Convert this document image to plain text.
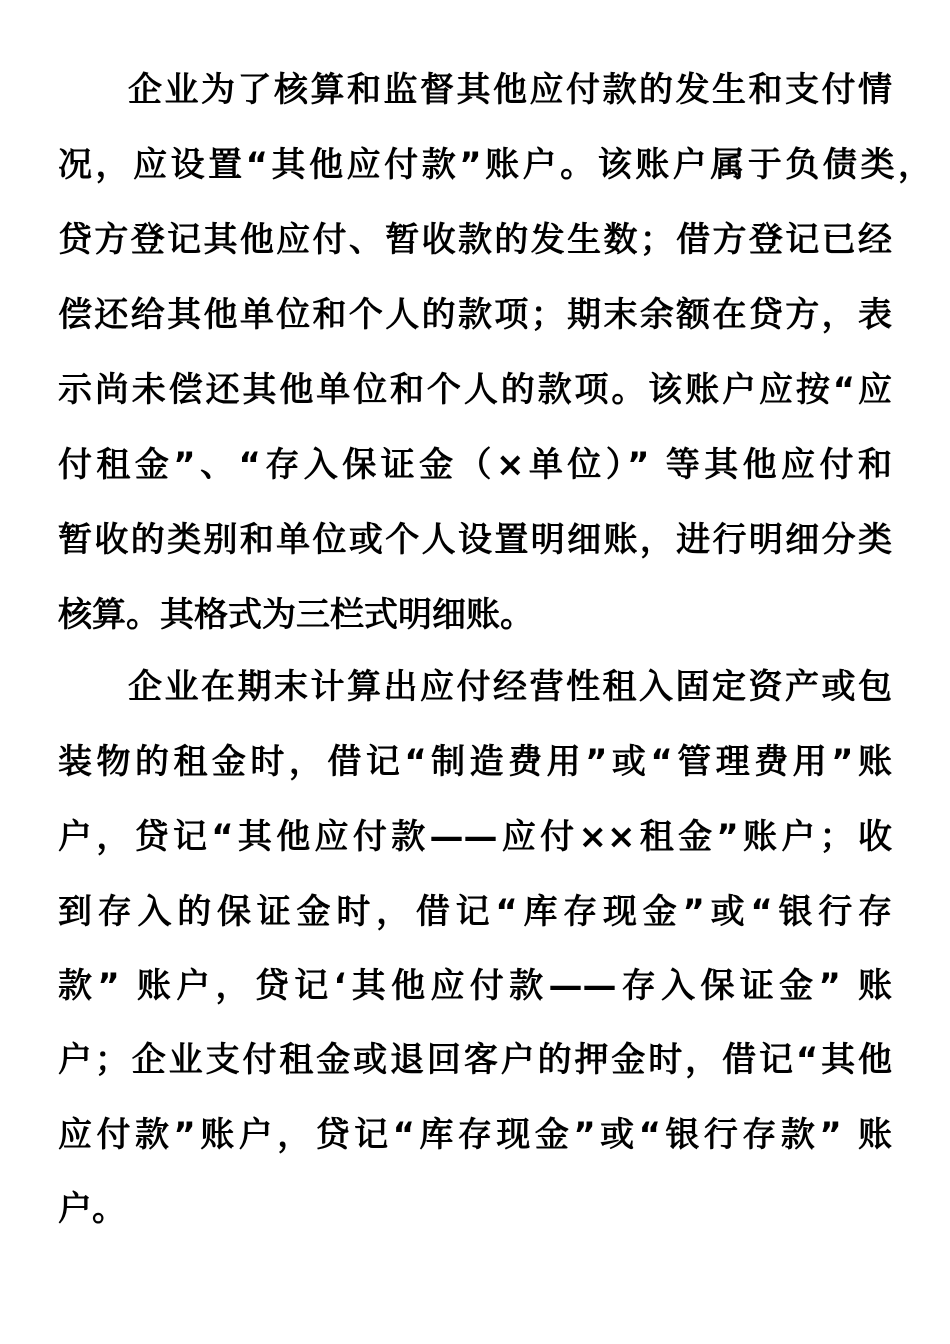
企业为了核算和监督其他应付款的发生和支付情
况，应设置“其他应付款”账户。该账户属于负债类，
贷方登记其他应付、暂收款的发生数；借方登记已经
偿还给其他单位和个人的款项；期末余额在贷方，表
示尚未偿还其他单位和个人的款项。该账户应按“应
付租金”、“存入保证金（×单位）” 等其他应付和
暂收的类别和单位或个人设置明细账，进行明细分类
核算。其格式为三栏式明细账。
企业在期末计算出应付经营性租入固定资产或包
装物的租金时，借记“制造费用”或“管理费用”账
户，贷记“其他应付款——应付××租金”账户；收
到存入的保证金时，借记“库存现金”或“银行存
款” 账户，贷记‘其他应付款——存入保证金” 账
户；企业支付租金或退回客户的押金时，借记“其他
应付款”账户，贷记“库存现金”或“银行存款” 账
户。
